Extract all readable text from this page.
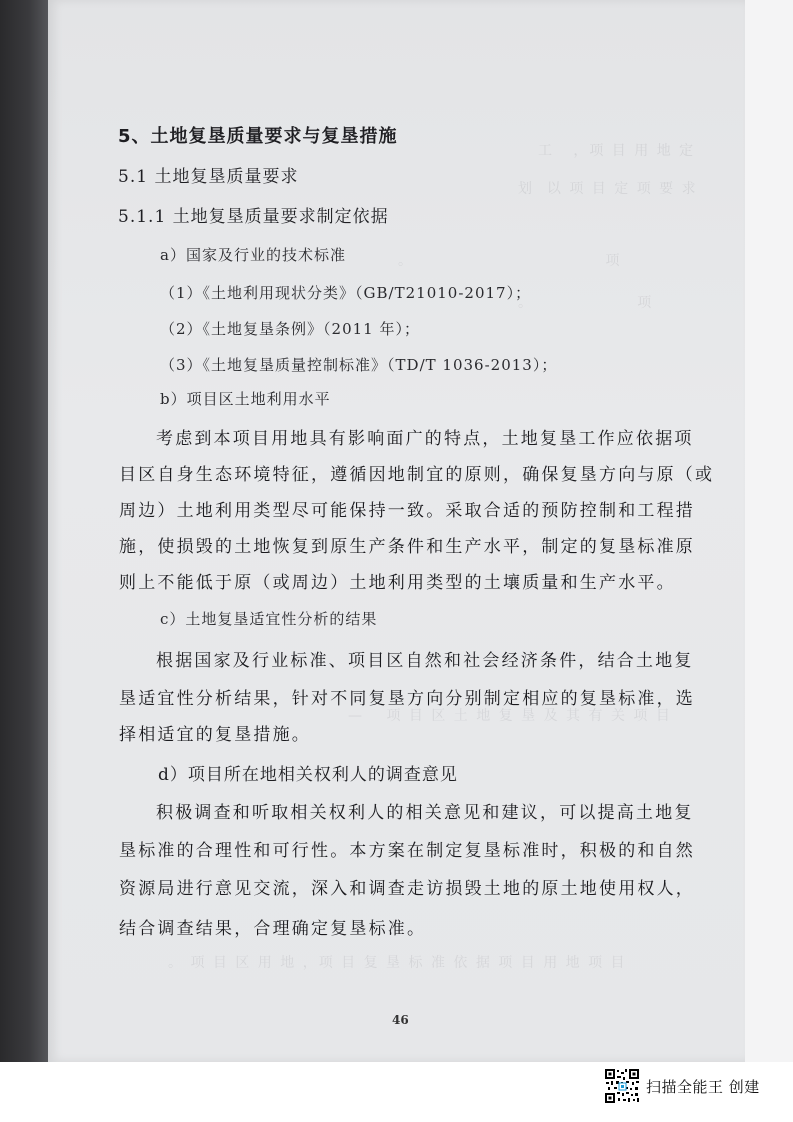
工   ，项 目 用 地 定
划  以 项 目 定 项 要 求
。　　　　　　　　　　　　 项
。                项
— 　项 目 区 土 地 复 垦 及 其 有 关 项 目
。 项 目 区 用 地 ，项 目 复 垦 标 准 依 据 项 目 用 地 项 目
5、土地复垦质量要求与复垦措施
5.1 土地复垦质量要求
5.1.1 土地复垦质量要求制定依据
a）国家及行业的技术标准
（1）《土地利用现状分类》（GB/T21010-2017）；
（2）《土地复垦条例》（2011 年）；
（3）《土地复垦质量控制标准》（TD/T 1036-2013）；
b）项目区土地利用水平
考虑到本项目用地具有影响面广的特点，土地复垦工作应依据项
目区自身生态环境特征，遵循因地制宜的原则，确保复垦方向与原（或
周边）土地利用类型尽可能保持一致。采取合适的预防控制和工程措
施，使损毁的土地恢复到原生产条件和生产水平，制定的复垦标准原
则上不能低于原（或周边）土地利用类型的土壤质量和生产水平。
c）土地复垦适宜性分析的结果
根据国家及行业标准、项目区自然和社会经济条件，结合土地复
垦适宜性分析结果，针对不同复垦方向分别制定相应的复垦标准，选
择相适宜的复垦措施。
d）项目所在地相关权利人的调查意见
积极调查和听取相关权利人的相关意见和建议，可以提高土地复
垦标准的合理性和可行性。本方案在制定复垦标准时，积极的和自然
资源局进行意见交流，深入和调查走访损毁土地的原土地使用权人，
结合调查结果，合理确定复垦标准。
46
扫描全能王 创建
